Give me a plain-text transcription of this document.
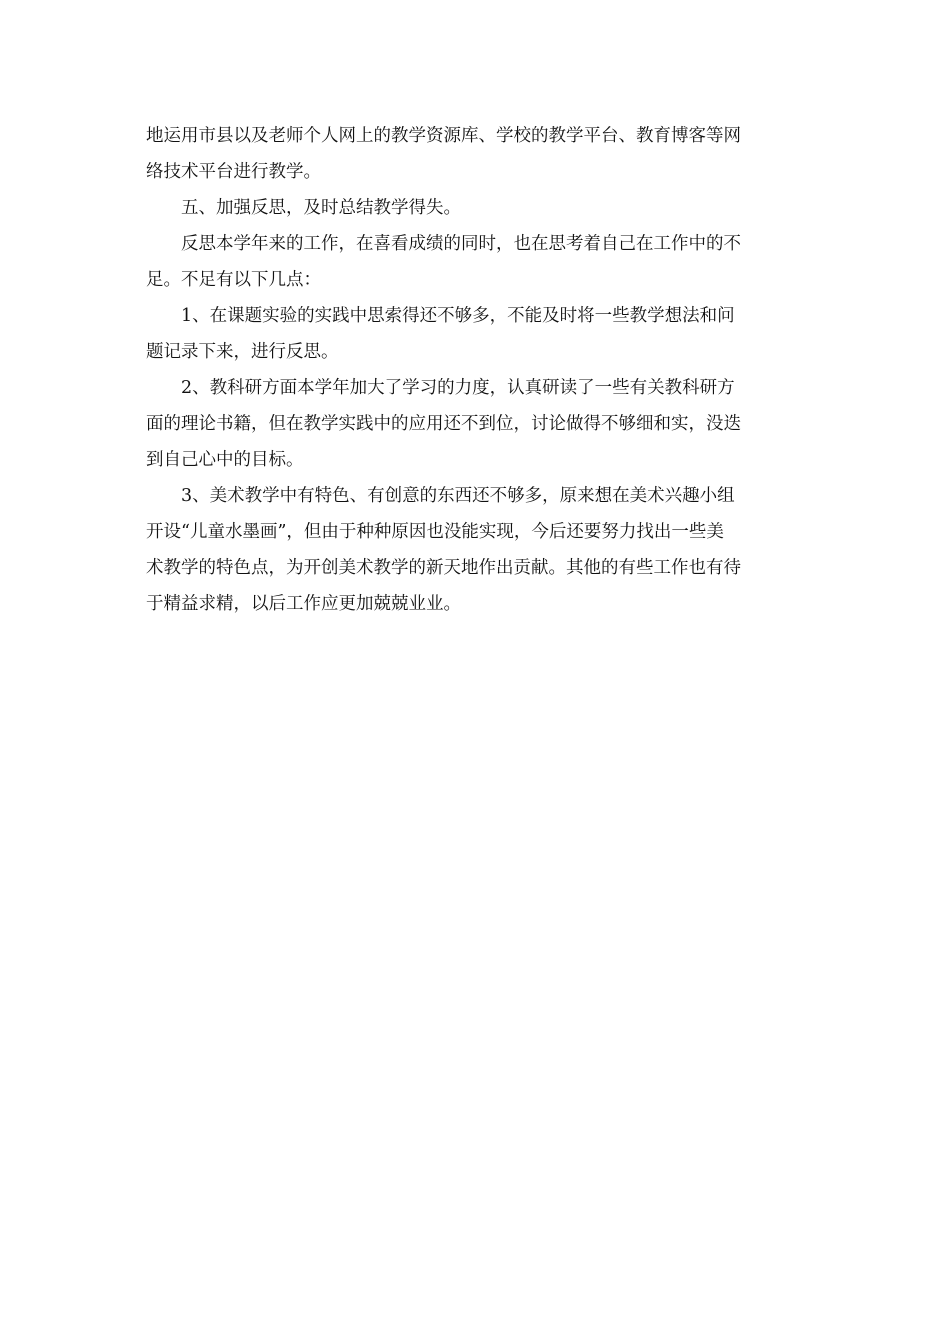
地运用市县以及老师个人网上的教学资源库、学校的教学平台、教育博客等网
络技术平台进行教学。

五、加强反思，及时总结教学得失。

反思本学年来的工作，在喜看成绩的同时，也在思考着自己在工作中的不
足。不足有以下几点：

1、在课题实验的实践中思索得还不够多，不能及时将一些教学想法和问
题记录下来，进行反思。

2、教科研方面本学年加大了学习的力度，认真研读了一些有关教科研方
面的理论书籍，但在教学实践中的应用还不到位，讨论做得不够细和实，没迭
到自己心中的目标。

3、美术教学中有特色、有创意的东西还不够多，原来想在美术兴趣小组
开设“儿童水墨画”，但由于种种原因也没能实现，今后还要努力找出一些美
术教学的特色点，为开创美术教学的新天地作出贡献。其他的有些工作也有待
于精益求精，以后工作应更加兢兢业业。
